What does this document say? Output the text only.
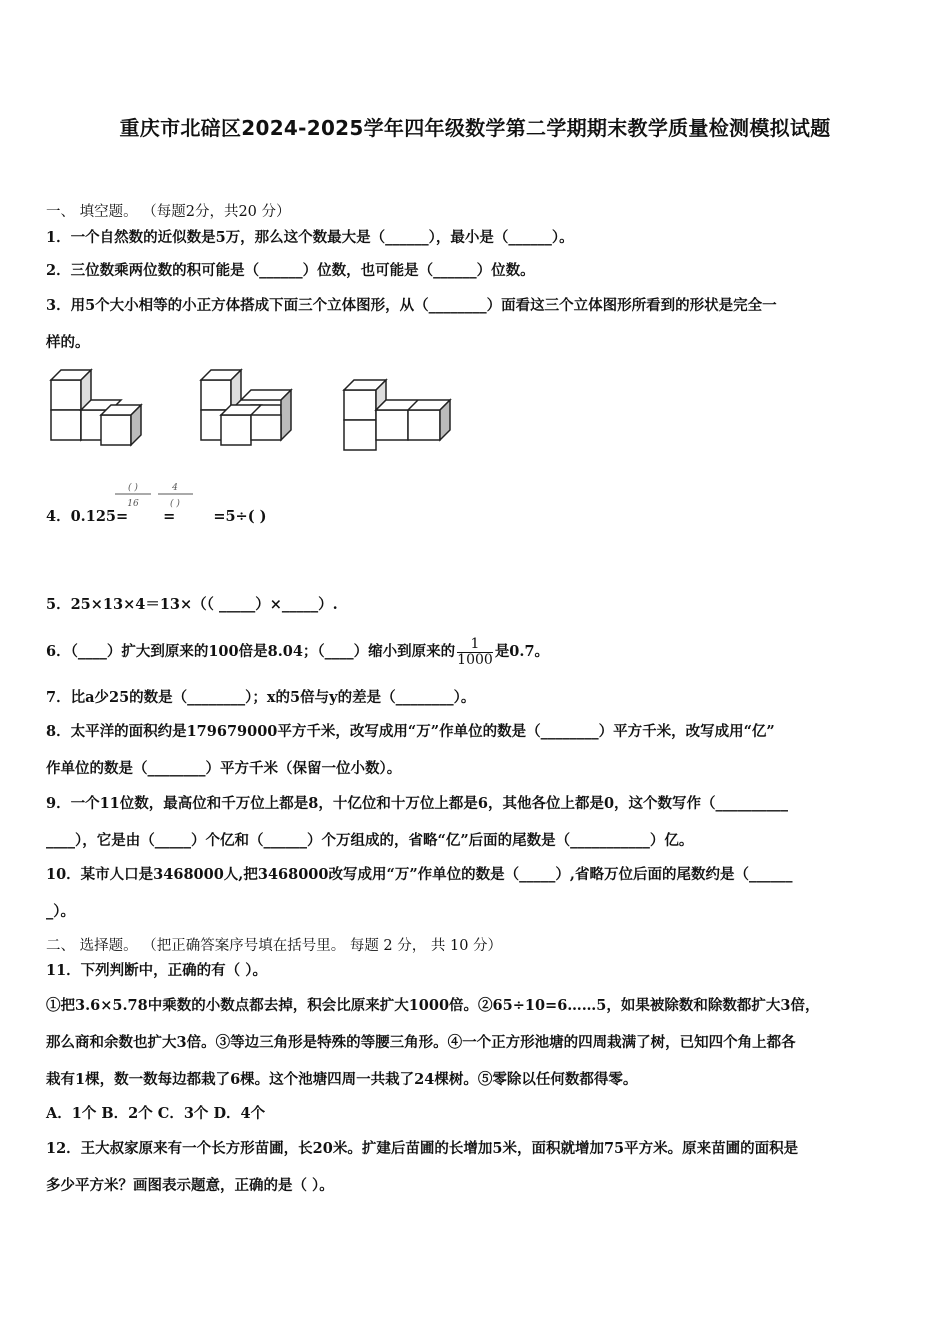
重庆市北碚区2024-2025学年四年级数学第二学期期末教学质量检测模拟试题
一、 填空题。 （每题2分，共20 分）
1．一个自然数的近似数是5万，那么这个数最大是（______），最小是（______）。
2．三位数乘两位数的积可能是（______）位数，也可能是（______）位数。
3．用5个大小相等的小正方体搭成下面三个立体图形，从（________）面看这三个立体图形所看到的形状是完全一
样的。
4．0.125= =	=5÷( )
( )
16
4
( )
5．25×13×4＝13×（（ _____）×_____）.
6．（____）扩大到原来的100倍是8.04；（____）缩小到原来的 $\frac{1}{1000}$ 是0.7。
7．比a少25的数是（________）；x的5倍与y的差是（________）。
8．太平洋的面积约是179679000平方千米，改写成用“万”作单位的数是（________）平方千米，改写成用“亿”
作单位的数是（________）平方千米（保留一位小数）。
9．一个11位数，最高位和千万位上都是8，十亿位和十万位上都是6，其他各位上都是0，这个数写作（__________
____），它是由（_____）个亿和（______）个万组成的，省略“亿”后面的尾数是（___________）亿。
10．某市人口是3468000人,把3468000改写成用“万”作单位的数是（_____）,省略万位后面的尾数约是（______
_）。
二、 选择题。 （把正确答案序号填在括号里。 每题 2 分， 共 10 分）
11．下列判断中，正确的有（ ）。
①把3.6×5.78中乘数的小数点都去掉，积会比原来扩大1000倍。②65÷10=6……5，如果被除数和除数都扩大3倍，
那么商和余数也扩大3倍。③等边三角形是特殊的等腰三角形。④一个正方形池塘的四周栽满了树，已知四个角上都各
栽有1棵，数一数每边都栽了6棵。这个池塘四周一共栽了24棵树。⑤零除以任何数都得零。
A．1个 B．2个 C．3个 D．4个
12．王大叔家原来有一个长方形苗圃，长20米。扩建后苗圃的长增加5米，面积就增加75平方米。原来苗圃的面积是
多少平方米？画图表示题意，正确的是（ ）。
